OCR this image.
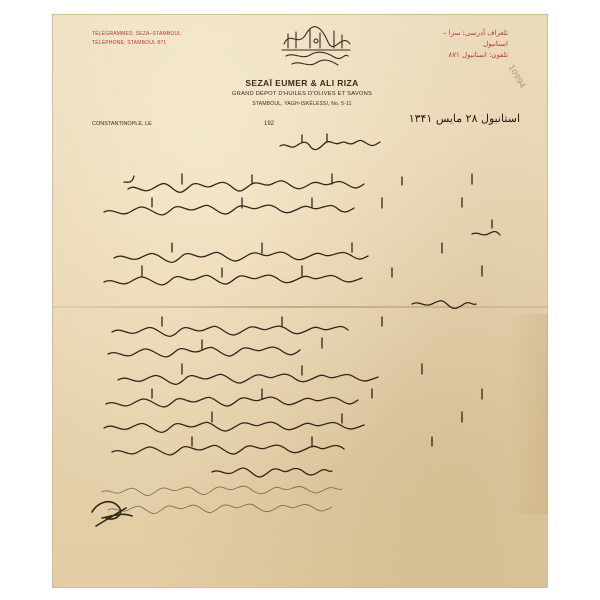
TÉLÉGRAMMES: SEZA–STAMBOUL
TÉLÉPHONE: STAMBOUL 871
تلغراف آدرسی: سزا – استانبول
تلفون: استانبول ۸۷۱
SEZAÏ EUMER & ALI RIZA
GRAND DÉPOT D'HUILES D'OLIVES ET SAVONS
STAMBOUL, YAGH-ISKÉLESSI, No. 5-11
CONSTANTINOPLE, LE	192	استانبول ۲۸ مایس ۱۳۴۱
10994
